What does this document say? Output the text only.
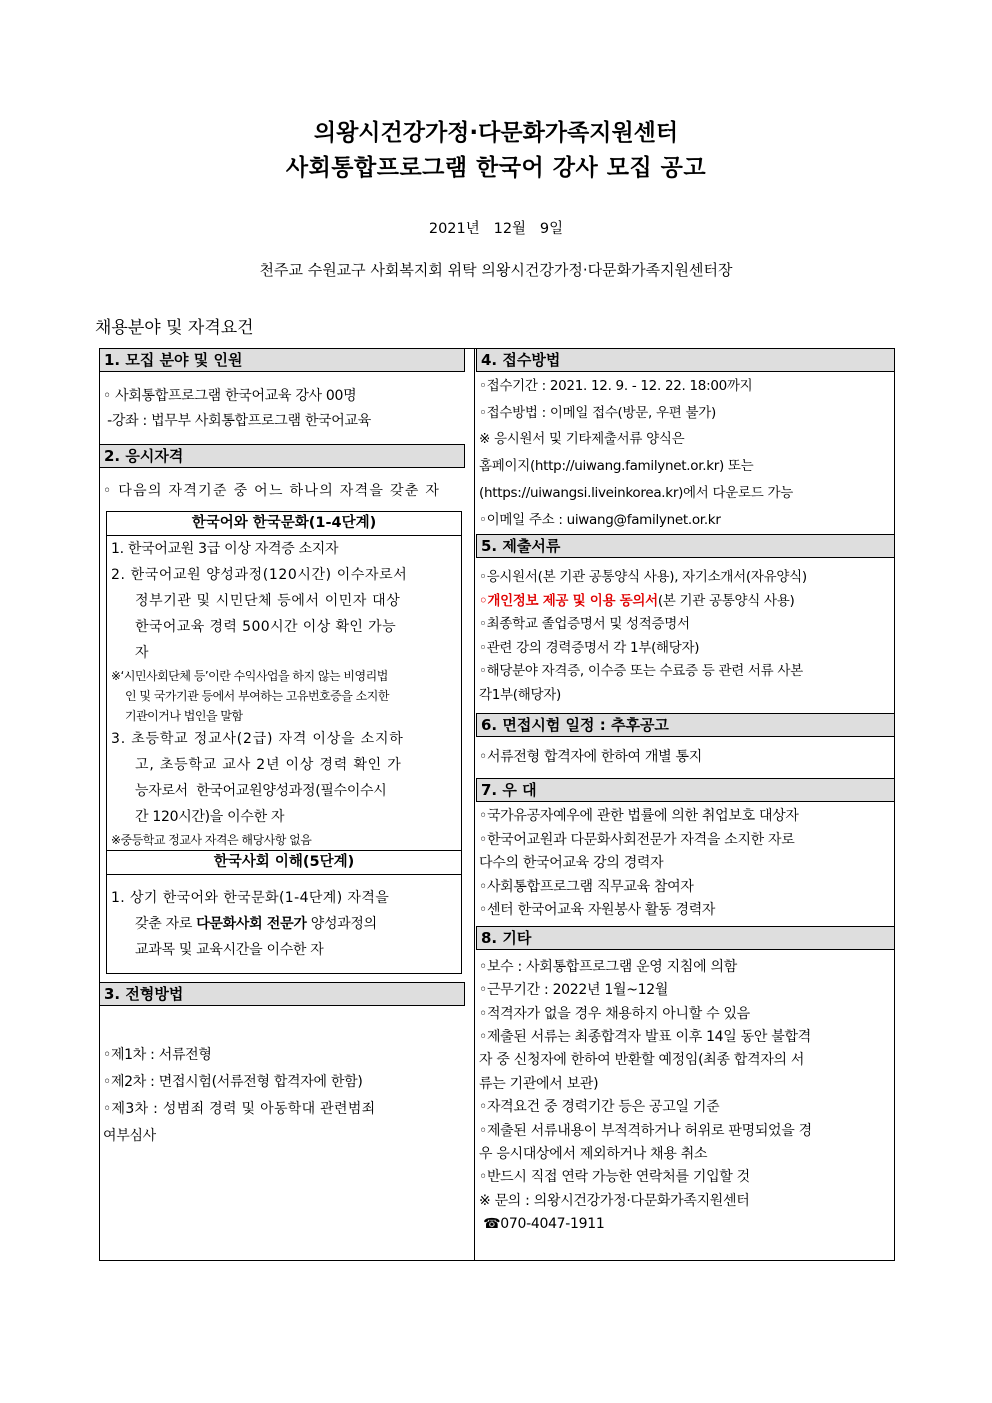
의왕시건강가정·다문화가족지원센터
사회통합프로그램 한국어 강사 모집 공고
2021년   12월   9일
천주교 수원교구 사회복지회 위탁 의왕시건강가정·다문화가족지원센터장
채용분야 및 자격요건
1. 모집 분야 및 인원
◦ 사회통합프로그램 한국어교육 강사 00명
-강좌 : 법무부 사회통합프로그램 한국어교육
2. 응시자격
◦ 다음의 자격기준 중 어느 하나의 자격을 갖춘 자
한국어와 한국문화(1-4단계)
1. 한국어교원 3급 이상 자격증 소지자
2. 한국어교원 양성과정(120시간) 이수자로서
정부기관 및 시민단체 등에서 이민자 대상
한국어교육 경력 500시간 이상 확인 가능
자
※‘시민사회단체 등’이란 수익사업을 하지 않는 비영리법
인 및 국가기관 등에서 부여하는 고유번호증을 소지한
기관이거나 법인을 말함
3. 초등학교 정교사(2급) 자격 이상을 소지하
고, 초등학교 교사 2년 이상 경력 확인 가
능자로서  한국어교원양성과정(필수이수시
간 120시간)을 이수한 자
※중등학교 정교사 자격은 해당사항 없음
한국사회 이해(5단계)
1. 상기 한국어와 한국문화(1-4단계) 자격을
갖춘 자로 다문화사회 전문가 양성과정의
교과목 및 교육시간을 이수한 자
3. 전형방법
◦제1차 : 서류전형
◦제2차 : 면접시험(서류전형 합격자에 한함)
◦제3차 : 성범죄 경력 및 아동학대 관련범죄
여부심사
4. 접수방법
◦접수기간 : 2021. 12. 9. - 12. 22. 18:00까지
◦접수방법 : 이메일 접수(방문, 우편 불가)
※ 응시원서 및 기타제출서류 양식은
홈페이지(http://uiwang.familynet.or.kr) 또는
(https://uiwangsi.liveinkorea.kr)에서 다운로드 가능
◦이메일 주소 : uiwang@familynet.or.kr
5. 제출서류
◦응시원서(본 기관 공통양식 사용), 자기소개서(자유양식)
◦개인정보 제공 및 이용 동의서(본 기관 공통양식 사용)
◦최종학교 졸업증명서 및 성적증명서
◦관련 강의 경력증명서 각 1부(해당자)
◦해당분야 자격증, 이수증 또는 수료증 등 관련 서류 사본
각1부(해당자)
6. 면접시험 일정 : 추후공고
◦서류전형 합격자에 한하여 개별 통지
7. 우 대
◦국가유공자예우에 관한 법률에 의한 취업보호 대상자
◦한국어교원과 다문화사회전문가 자격을 소지한 자로
다수의 한국어교육 강의 경력자
◦사회통합프로그램 직무교육 참여자
◦센터 한국어교육 자원봉사 활동 경력자
8. 기타
◦보수 : 사회통합프로그램 운영 지침에 의함
◦근무기간 : 2022년 1월~12월
◦적격자가 없을 경우 채용하지 아니할 수 있음
◦제출된 서류는 최종합격자 발표 이후 14일 동안 불합격
자 중 신청자에 한하여 반환할 예정임(최종 합격자의 서
류는 기관에서 보관)
◦자격요건 중 경력기간 등은 공고일 기준
◦제출된 서류내용이 부적격하거나 허위로 판명되었을 경
우 응시대상에서 제외하거나 채용 취소
◦반드시 직접 연락 가능한 연락처를 기입할 것
※ 문의 : 의왕시건강가정·다문화가족지원센터
☎070-4047-1911
